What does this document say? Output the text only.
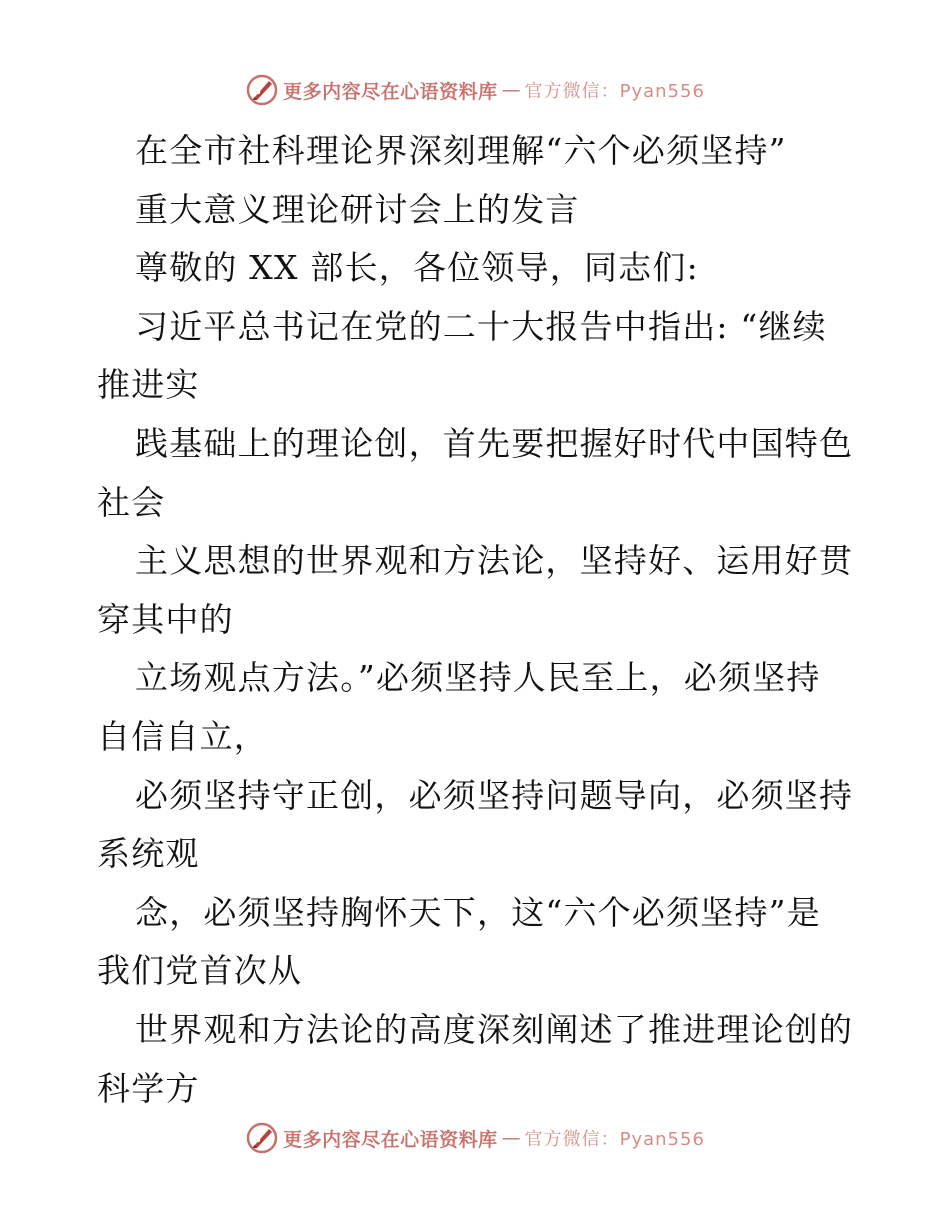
更多内容尽在心语资料库 — 官方微信：Pyan556
在全市社科理论界深刻理解“六个必须坚持”
重大意义理论研讨会上的发言
尊敬的 XX 部长，各位领导，同志们:
习近平总书记在党的二十大报告中指出: “继续
推进实
践基础上的理论创，首先要把握好时代中国特色
社会
主义思想的世界观和方法论，坚持好、运用好贯
穿其中的
立场观点方法。”必须坚持人民至上，必须坚持
自信自立，
必须坚持守正创，必须坚持问题导向，必须坚持
系统观
念，必须坚持胸怀天下，这“六个必须坚持”是
我们党首次从
世界观和方法论的高度深刻阐述了推进理论创的
科学方
更多内容尽在心语资料库 — 官方微信：Pyan556
